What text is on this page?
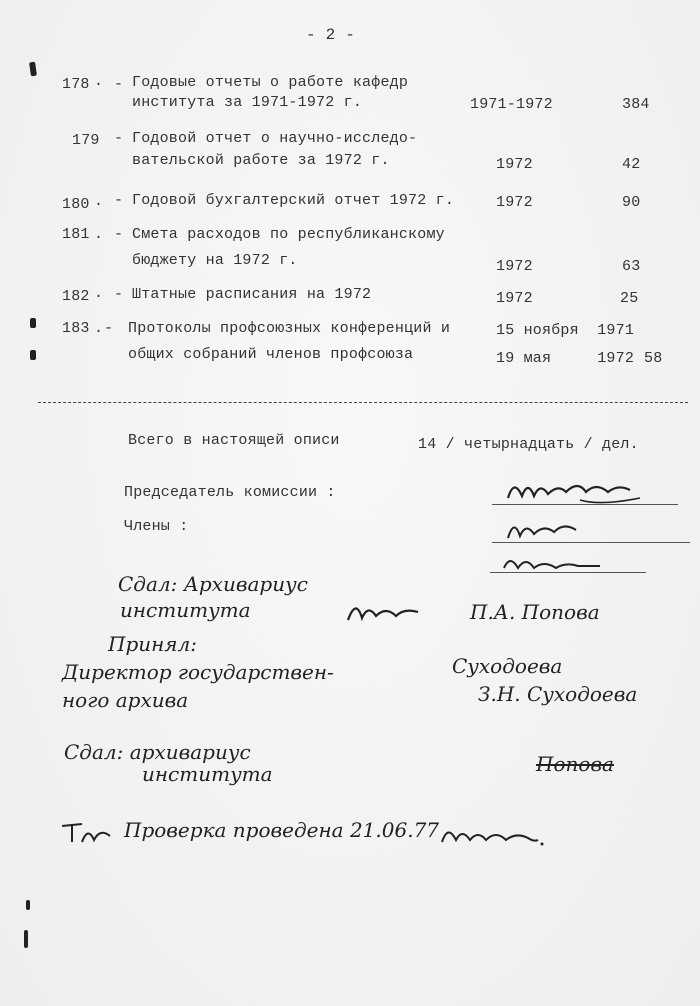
- 2 -
178 · - Годовые отчеты о работе кафедр
института за 1971-1972 г.	1971-1972	384
179 - Годовой отчет о научно-исследо-
вательской работе за 1972 г.	1972	42
180 · - Годовой бухгалтерский отчет 1972 г.	1972	90
181 . - Смета расходов по республиканскому
бюджету на 1972 г.	1972	63
182 · - Штатные расписания на 1972	1972	25
183 . - Протоколы профсоюзных конференций и
общих собраний членов профсоюза
15 ноября  1971
19 мая     1972 58
Всего в настоящей описи	14 / четырнадцать / дел.
Председатель комиссии :
Члены :
Сдал: Архивариус
института	П.А. Попова
Принял:
Директор государствен-
ного архива
Суходоева
З.Н. Суходоева
Сдал: архивариус
института	Попова
Проверка проведена 21.06.77
